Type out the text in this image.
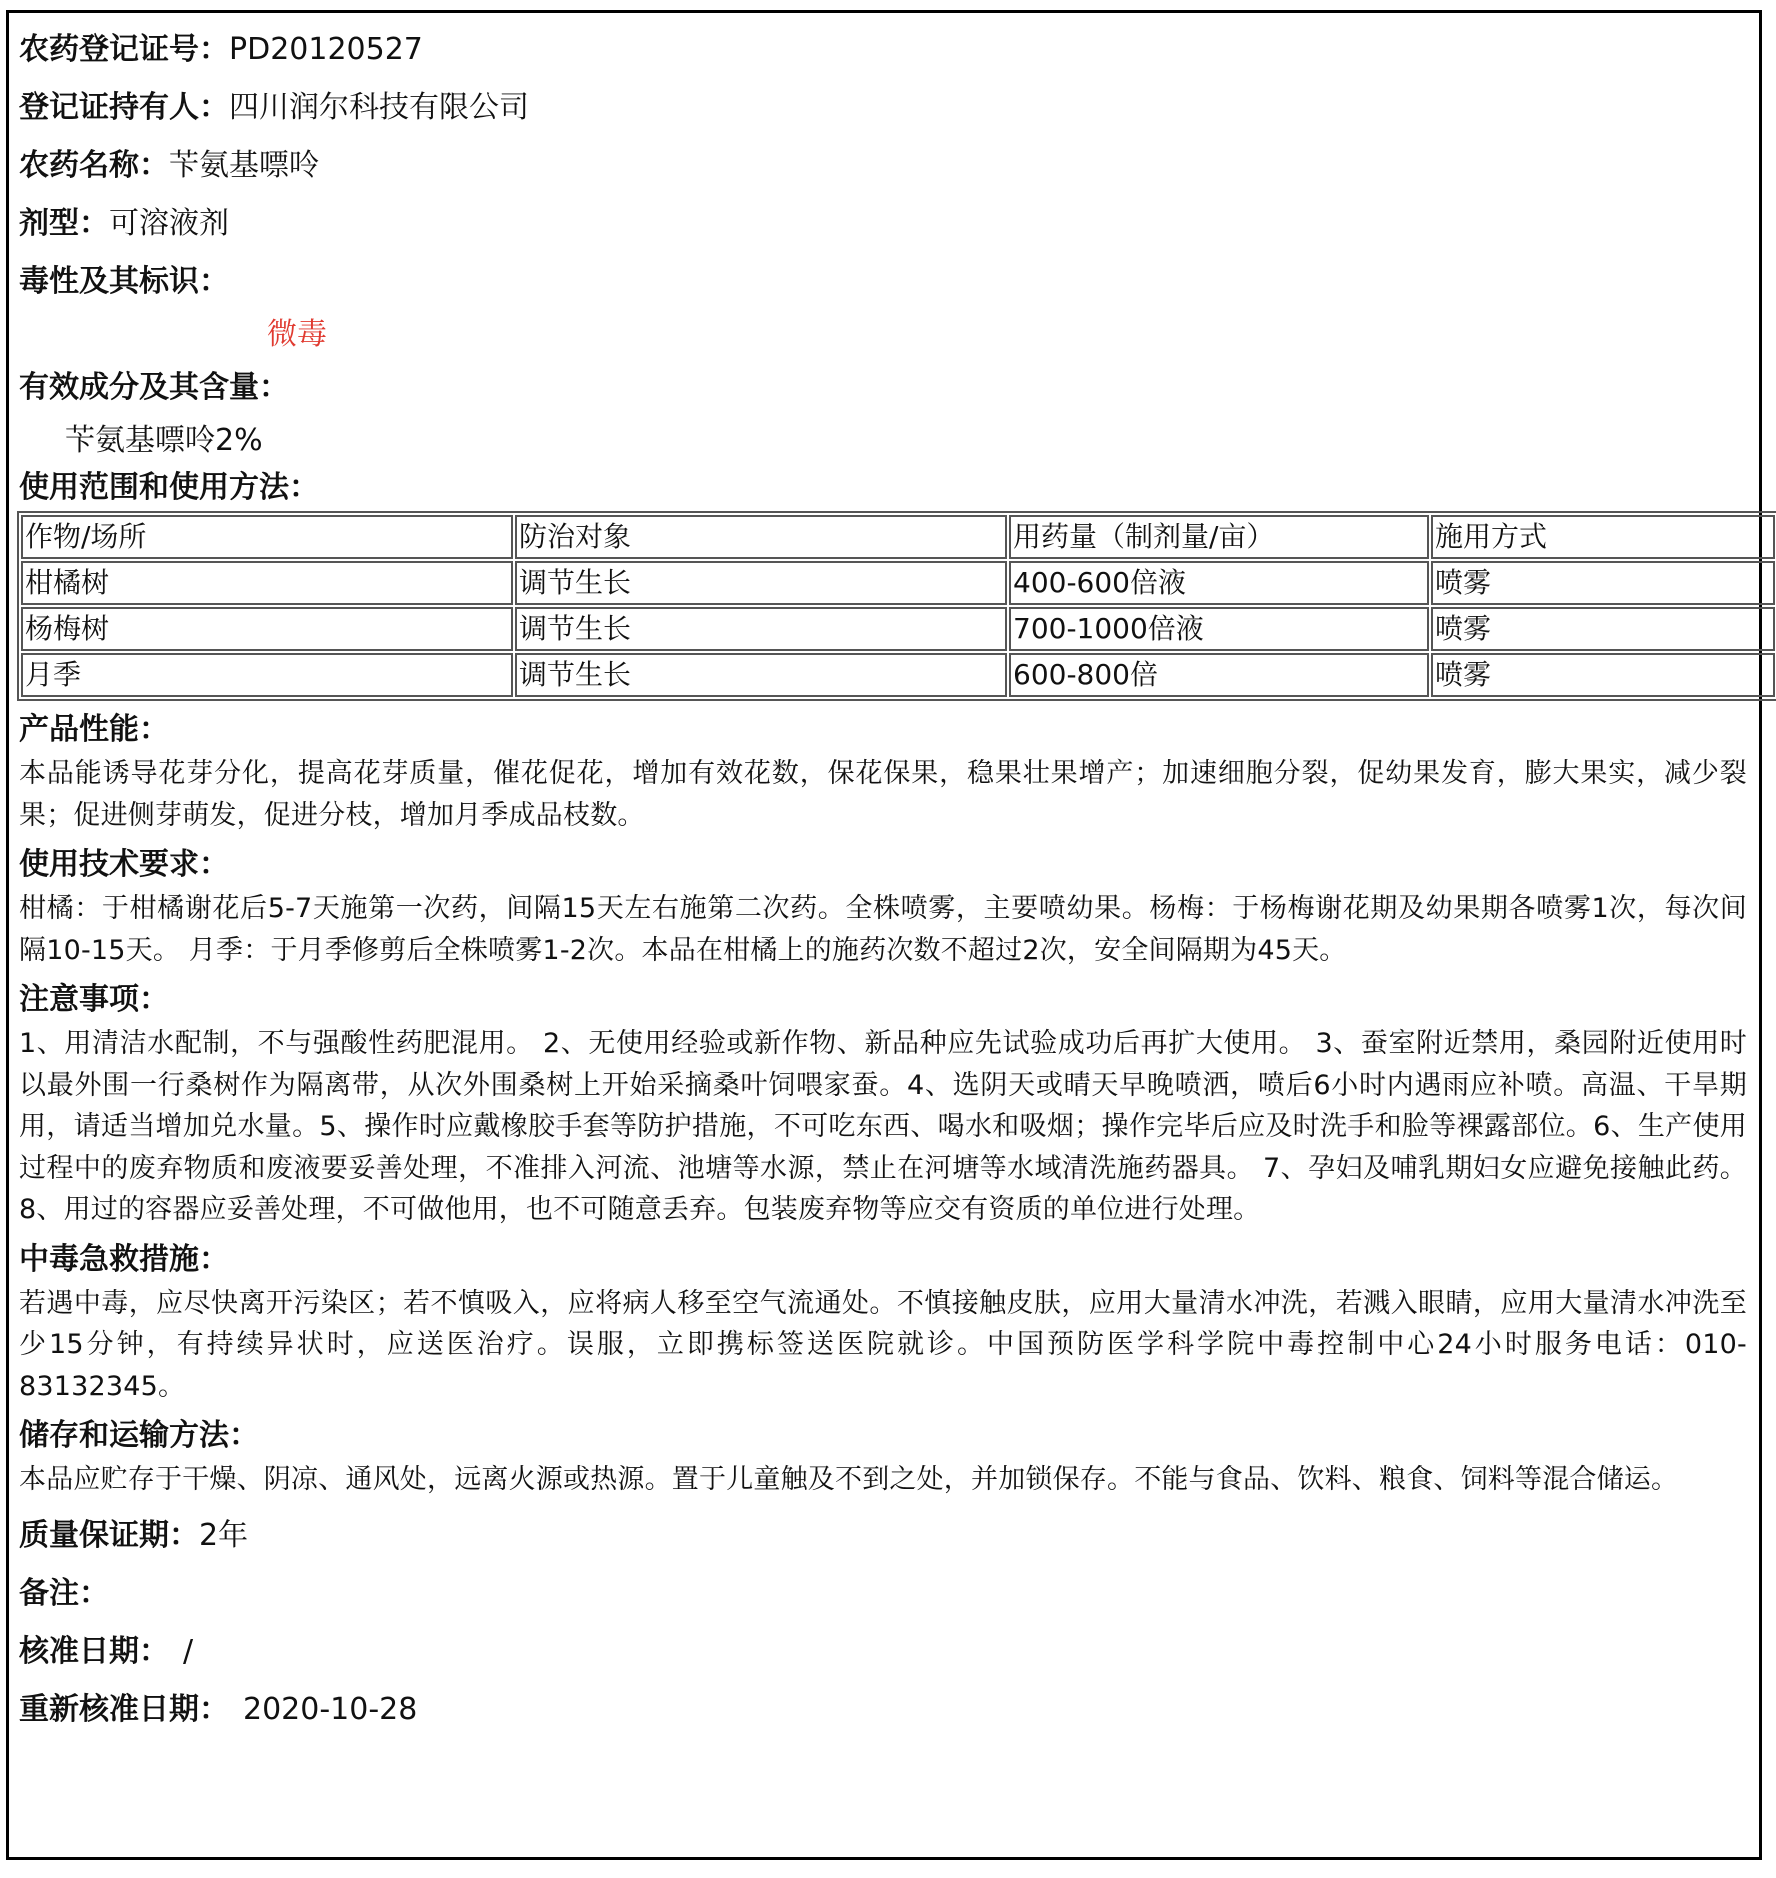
农药登记证号：PD20120527
登记证持有人：四川润尔科技有限公司
农药名称：苄氨基嘌呤
剂型：可溶液剂
毒性及其标识：
微毒
有效成分及其含量：
苄氨基嘌呤2%
使用范围和使用方法：
作物/场所	防治对象	用药量（制剂量/亩）	施用方式
柑橘树	调节生长	400-600倍液	喷雾
杨梅树	调节生长	700-1000倍液	喷雾
月季	调节生长	600-800倍	喷雾
产品性能：
本品能诱导花芽分化，提高花芽质量，催花促花，增加有效花数，保花保果，稳果壮果增产；加速细胞分裂，促幼果发育，膨大果实，减少裂果；促进侧芽萌发，促进分枝，增加月季成品枝数。
使用技术要求：
柑橘：于柑橘谢花后5-7天施第一次药，间隔15天左右施第二次药。全株喷雾，主要喷幼果。杨梅：于杨梅谢花期及幼果期各喷雾1次，每次间隔10-15天。 月季：于月季修剪后全株喷雾1-2次。本品在柑橘上的施药次数不超过2次，安全间隔期为45天。
注意事项：
1、用清洁水配制，不与强酸性药肥混用。 2、无使用经验或新作物、新品种应先试验成功后再扩大使用。 3、蚕室附近禁用，桑园附近使用时以最外围一行桑树作为隔离带，从次外围桑树上开始采摘桑叶饲喂家蚕。4、选阴天或晴天早晚喷洒，喷后6小时内遇雨应补喷。高温、干旱期用，请适当增加兑水量。5、操作时应戴橡胶手套等防护措施，不可吃东西、喝水和吸烟；操作完毕后应及时洗手和脸等裸露部位。6、生产使用过程中的废弃物质和废液要妥善处理，不准排入河流、池塘等水源，禁止在河塘等水域清洗施药器具。 7、孕妇及哺乳期妇女应避免接触此药。8、用过的容器应妥善处理，不可做他用，也不可随意丢弃。包装废弃物等应交有资质的单位进行处理。
中毒急救措施：
若遇中毒，应尽快离开污染区；若不慎吸入，应将病人移至空气流通处。不慎接触皮肤，应用大量清水冲洗，若溅入眼睛，应用大量清水冲洗至少15分钟，有持续异状时，应送医治疗。误服，立即携标签送医院就诊。中国预防医学科学院中毒控制中心24小时服务电话：010-83132345。
储存和运输方法：
本品应贮存于干燥、阴凉、通风处，远离火源或热源。置于儿童触及不到之处，并加锁保存。不能与食品、饮料、粮食、饲料等混合储运。
质量保证期：2年
备注：
核准日期： /
重新核准日期： 2020-10-28
